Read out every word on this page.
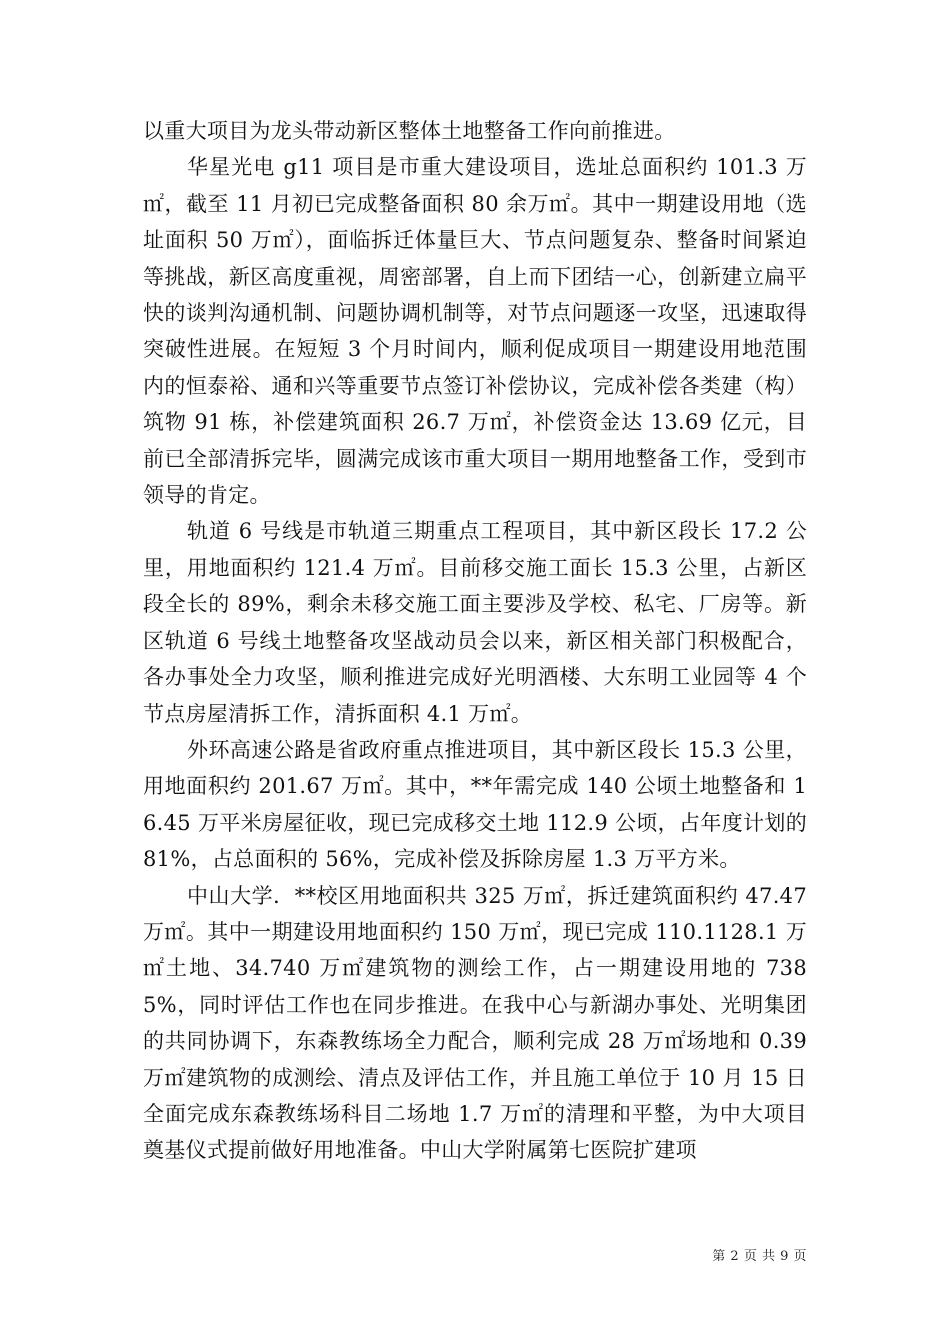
以重大项目为龙头带动新区整体土地整备工作向前推进。

华星光电 g11 项目是市重大建设项目，选址总面积约 101.3 万㎡，截至 11 月初已完成整备面积 80 余万㎡。其中一期建设用地（选址面积 50 万㎡），面临拆迁体量巨大、节点问题复杂、整备时间紧迫等挑战，新区高度重视，周密部署，自上而下团结一心，创新建立扁平快的谈判沟通机制、问题协调机制等，对节点问题逐一攻坚，迅速取得突破性进展。在短短 3 个月时间内，顺利促成项目一期建设用地范围内的恒泰裕、通和兴等重要节点签订补偿协议，完成补偿各类建（构）筑物 91 栋，补偿建筑面积 26.7 万㎡，补偿资金达 13.69 亿元，目前已全部清拆完毕，圆满完成该市重大项目一期用地整备工作，受到市领导的肯定。

轨道 6 号线是市轨道三期重点工程项目，其中新区段长 17.2 公里，用地面积约 121.4 万㎡。目前移交施工面长 15.3 公里，占新区段全长的 89%，剩余未移交施工面主要涉及学校、私宅、厂房等。新区轨道 6 号线土地整备攻坚战动员会以来，新区相关部门积极配合，各办事处全力攻坚，顺利推进完成好光明酒楼、大东明工业园等 4 个节点房屋清拆工作，清拆面积 4.1 万㎡。

外环高速公路是省政府重点推进项目，其中新区段长 15.3 公里，用地面积约 201.67 万㎡。其中，**年需完成 140 公顷土地整备和 16.45 万平米房屋征收，现已完成移交土地 112.9 公顷，占年度计划的 81%，占总面积的 56%，完成补偿及拆除房屋 1.3 万平方米。

中山大学．**校区用地面积共 325 万㎡，拆迁建筑面积约 47.47 万㎡。其中一期建设用地面积约 150 万㎡，现已完成 110.1128.1 万㎡土地、34.740 万㎡建筑物的测绘工作，占一期建设用地的 7385%，同时评估工作也在同步推进。在我中心与新湖办事处、光明集团的共同协调下，东森教练场全力配合，顺利完成 28 万㎡场地和 0.39 万㎡建筑物的成测绘、清点及评估工作，并且施工单位于 10 月 15 日全面完成东森教练场科目二场地 1.7 万㎡的清理和平整，为中大项目奠基仪式提前做好用地准备。中山大学附属第七医院扩建项

第 2 页 共 9 页
